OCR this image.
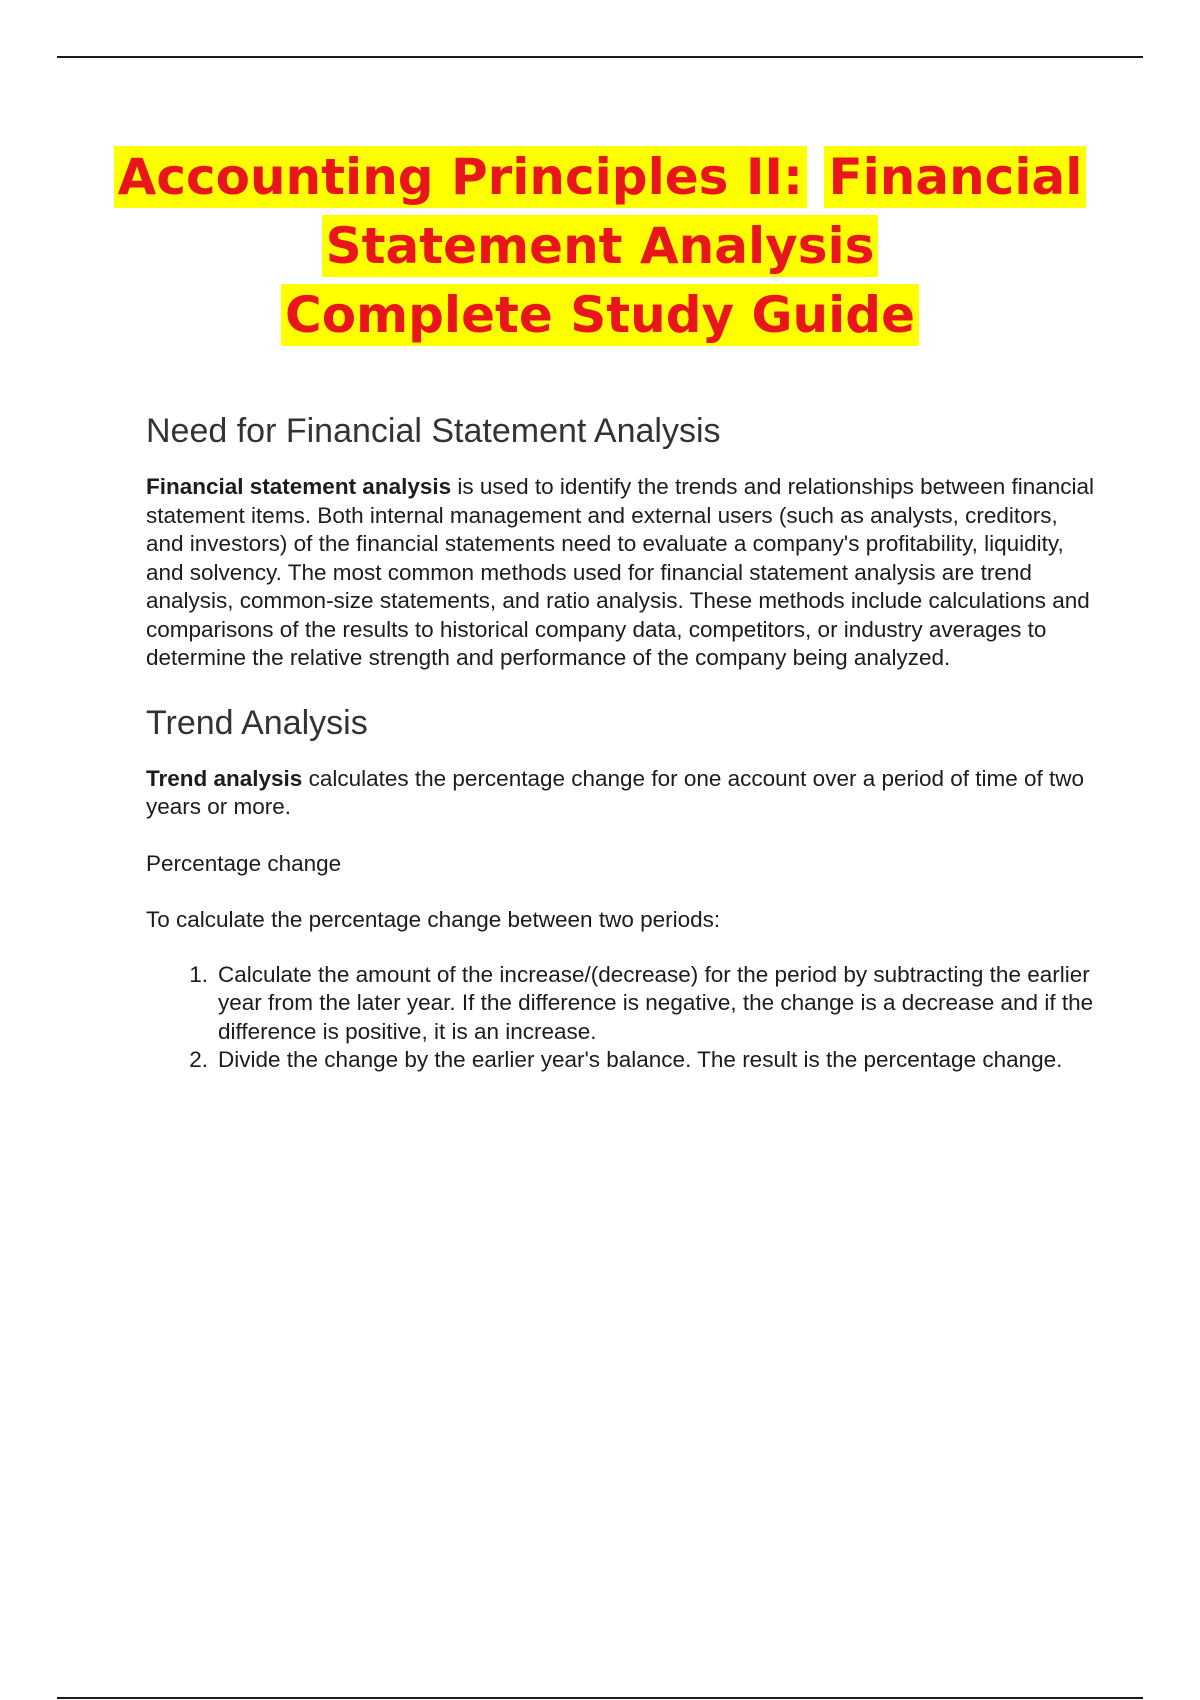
Accounting Principles II: Financial
Statement Analysis
Complete Study Guide
Need for Financial Statement Analysis

Financial statement analysis is used to identify the trends and relationships between financial statement items. Both internal management and external users (such as analysts, creditors, and investors) of the financial statements need to evaluate a company's profitability, liquidity, and solvency. The most common methods used for financial statement analysis are trend analysis, common-size statements, and ratio analysis. These methods include calculations and comparisons of the results to historical company data, competitors, or industry averages to determine the relative strength and performance of the company being analyzed.

Trend Analysis

Trend analysis calculates the percentage change for one account over a period of time of two years or more.

Percentage change

To calculate the percentage change between two periods:

1. Calculate the amount of the increase/(decrease) for the period by subtracting the earlier year from the later year. If the difference is negative, the change is a decrease and if the difference is positive, it is an increase.
2. Divide the change by the earlier year's balance. The result is the percentage change.
